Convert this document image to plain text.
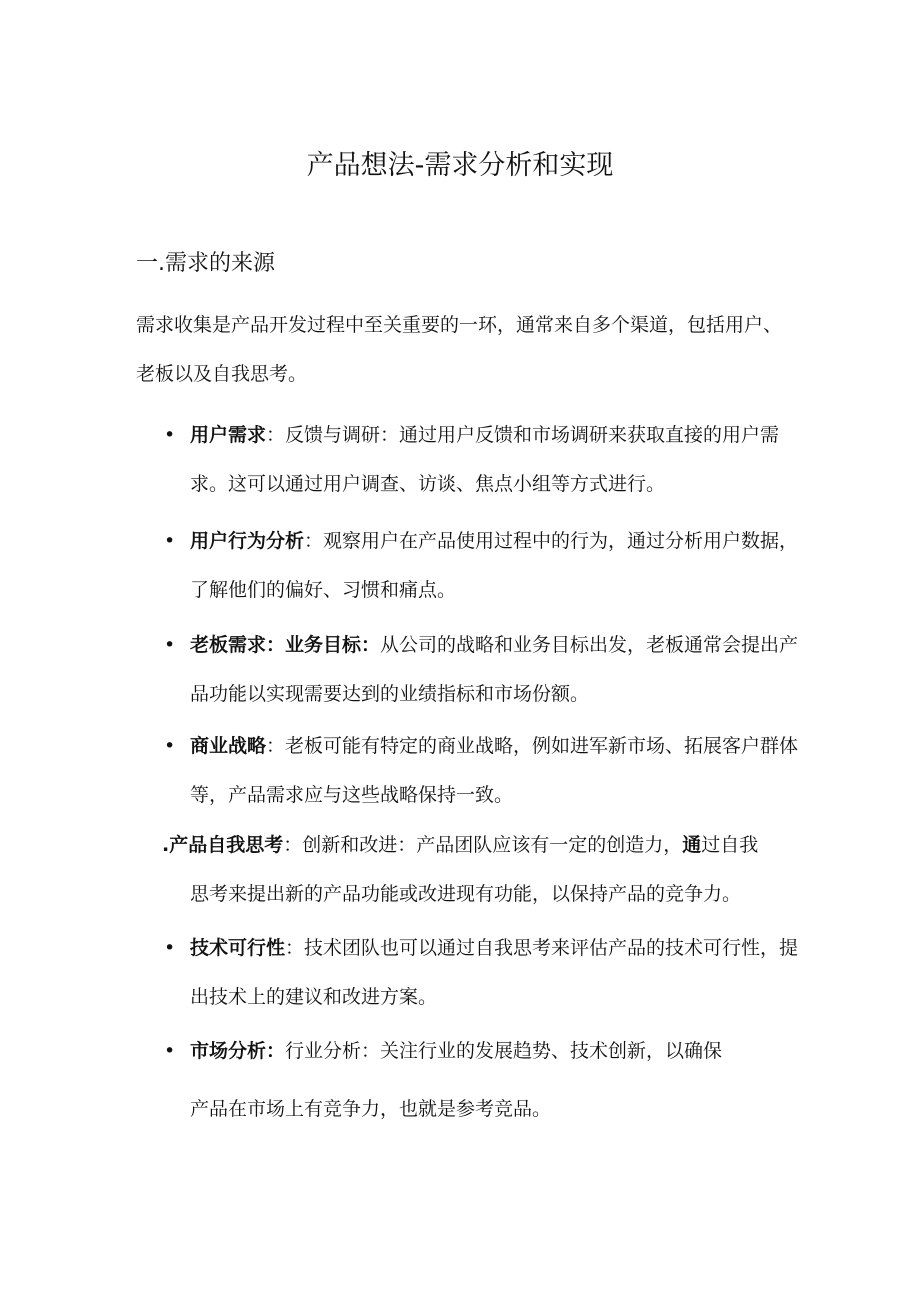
产品想法-需求分析和实现
一.需求的来源

需求收集是产品开发过程中至关重要的一环，通常来自多个渠道，包括用户、老板以及自我思考。

• 用户需求：反馈与调研：通过用户反馈和市场调研来获取直接的用户需求。这可以通过用户调查、访谈、焦点小组等方式进行。
• 用户行为分析：观察用户在产品使用过程中的行为，通过分析用户数据，了解他们的偏好、习惯和痛点。
• 老板需求：业务目标：从公司的战略和业务目标出发，老板通常会提出产品功能以实现需要达到的业绩指标和市场份额。
• 商业战略：老板可能有特定的商业战略，例如进军新市场、拓展客户群体等，产品需求应与这些战略保持一致。
.产品自我思考：创新和改进：产品团队应该有一定的创造力，通过自我
思考来提出新的产品功能或改进现有功能，以保持产品的竞争力。
• 技术可行性：技术团队也可以通过自我思考来评估产品的技术可行性，提出技术上的建议和改进方案。
• 市场分析：行业分析：关注行业的发展趋势、技术创新，以确保
产品在市场上有竞争力，也就是参考竞品。
